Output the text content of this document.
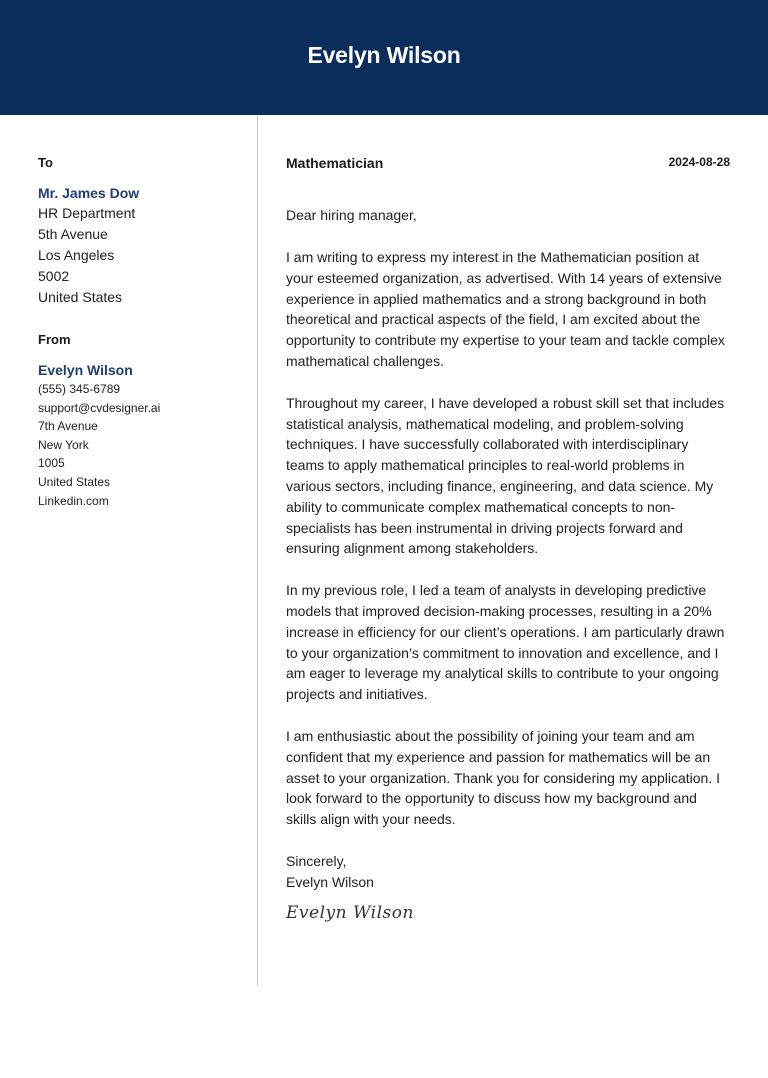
Evelyn Wilson
To
Mr. James Dow
HR Department
5th Avenue
Los Angeles
5002
United States
From
Evelyn Wilson
(555) 345-6789
support@cvdesigner.ai
7th Avenue
New York
1005
United States
Linkedin.com
Mathematician	2024-08-28
Dear hiring manager,
I am writing to express my interest in the Mathematician position at your esteemed organization, as advertised. With 14 years of extensive experience in applied mathematics and a strong background in both theoretical and practical aspects of the field, I am excited about the opportunity to contribute my expertise to your team and tackle complex mathematical challenges.
Throughout my career, I have developed a robust skill set that includes statistical analysis, mathematical modeling, and problem-solving techniques. I have successfully collaborated with interdisciplinary teams to apply mathematical principles to real-world problems in various sectors, including finance, engineering, and data science. My ability to communicate complex mathematical concepts to non-specialists has been instrumental in driving projects forward and ensuring alignment among stakeholders.
In my previous role, I led a team of analysts in developing predictive models that improved decision-making processes, resulting in a 20% increase in efficiency for our client’s operations. I am particularly drawn to your organization’s commitment to innovation and excellence, and I am eager to leverage my analytical skills to contribute to your ongoing projects and initiatives.
I am enthusiastic about the possibility of joining your team and am confident that my experience and passion for mathematics will be an asset to your organization. Thank you for considering my application. I look forward to the opportunity to discuss how my background and skills align with your needs.
Sincerely,
Evelyn Wilson
Evelyn Wilson
